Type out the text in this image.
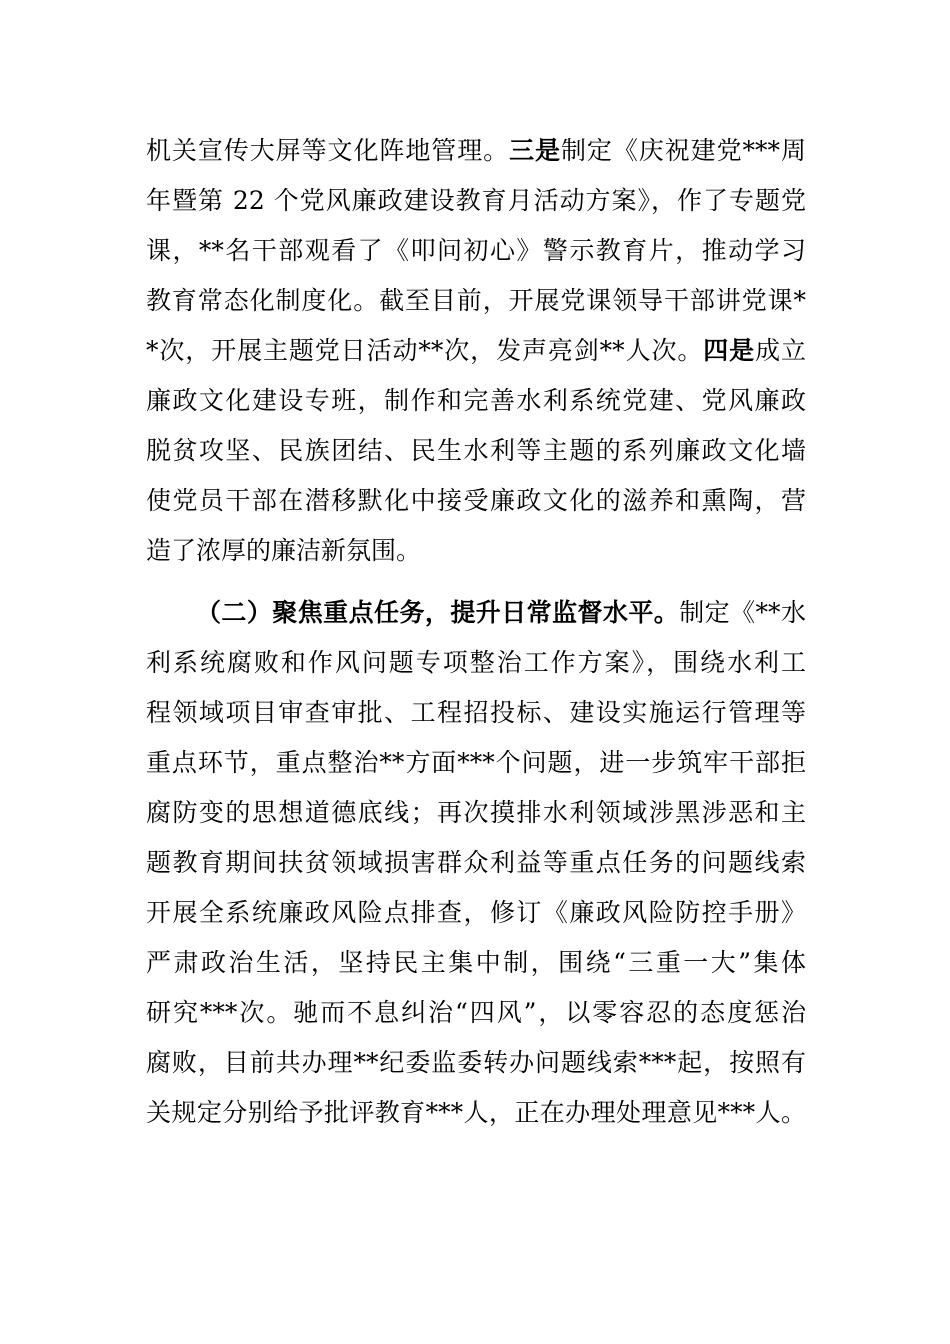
机关宣传大屏等文化阵地管理。三是制定《庆祝建党***周
年暨第 22 个党风廉政建设教育月活动方案》，作了专题党
课，**名干部观看了《叩问初心》警示教育片，推动学习
教育常态化制度化。截至目前，开展党课领导干部讲党课*
*次，开展主题党日活动**次，发声亮剑**人次。四是成立
廉政文化建设专班，制作和完善水利系统党建、党风廉政
脱贫攻坚、民族团结、民生水利等主题的系列廉政文化墙
使党员干部在潜移默化中接受廉政文化的滋养和熏陶，营
造了浓厚的廉洁新氛围。
（二）聚焦重点任务，提升日常监督水平。制定《**水
利系统腐败和作风问题专项整治工作方案》，围绕水利工
程领域项目审查审批、工程招投标、建设实施运行管理等
重点环节，重点整治**方面***个问题，进一步筑牢干部拒
腐防变的思想道德底线；再次摸排水利领域涉黑涉恶和主
题教育期间扶贫领域损害群众利益等重点任务的问题线索
开展全系统廉政风险点排查，修订《廉政风险防控手册》
严肃政治生活，坚持民主集中制，围绕“三重一大”集体
研究***次。驰而不息纠治“四风”，以零容忍的态度惩治
腐败，目前共办理**纪委监委转办问题线索***起，按照有
关规定分别给予批评教育***人，正在办理处理意见***人。
